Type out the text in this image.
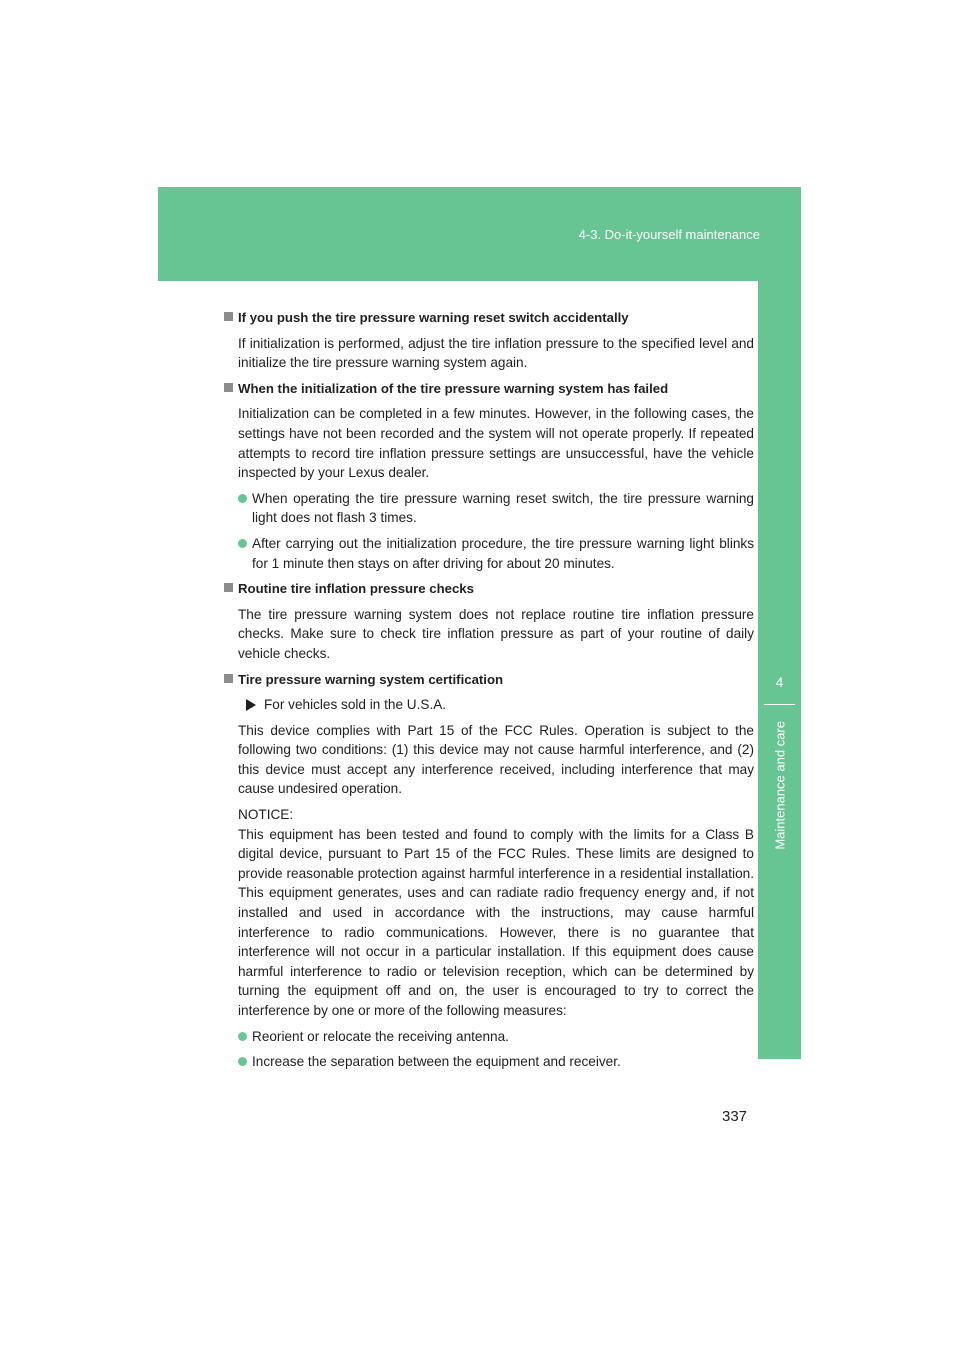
4-3. Do-it-yourself maintenance
4
Maintenance and care
If you push the tire pressure warning reset switch accidentally

If initialization is performed, adjust the tire inflation pressure to the specified level and initialize the tire pressure warning system again.

When the initialization of the tire pressure warning system has failed

Initialization can be completed in a few minutes. However, in the following cases, the settings have not been recorded and the system will not operate properly. If repeated attempts to record tire inflation pressure settings are unsuccessful, have the vehicle inspected by your Lexus dealer.

When operating the tire pressure warning reset switch, the tire pressure warning light does not flash 3 times.
After carrying out the initialization procedure, the tire pressure warning light blinks for 1 minute then stays on after driving for about 20 minutes.
Routine tire inflation pressure checks

The tire pressure warning system does not replace routine tire inflation pressure checks. Make sure to check tire inflation pressure as part of your routine of daily vehicle checks.

Tire pressure warning system certification
For vehicles sold in the U.S.A.

This device complies with Part 15 of the FCC Rules. Operation is subject to the following two conditions: (1) this device may not cause harmful interference, and (2) this device must accept any interference received, including interference that may cause undesired operation.

NOTICE:

This equipment has been tested and found to comply with the limits for a Class B digital device, pursuant to Part 15 of the FCC Rules. These limits are designed to provide reasonable protection against harmful interference in a residential installation. This equipment generates, uses and can radiate radio frequency energy and, if not installed and used in accordance with the instructions, may cause harmful interference to radio communications. However, there is no guarantee that interference will not occur in a particular installation. If this equipment does cause harmful interference to radio or television reception, which can be determined by turning the equipment off and on, the user is encouraged to try to correct the interference by one or more of the following measures:

Reorient or relocate the receiving antenna.
Increase the separation between the equipment and receiver.
337
